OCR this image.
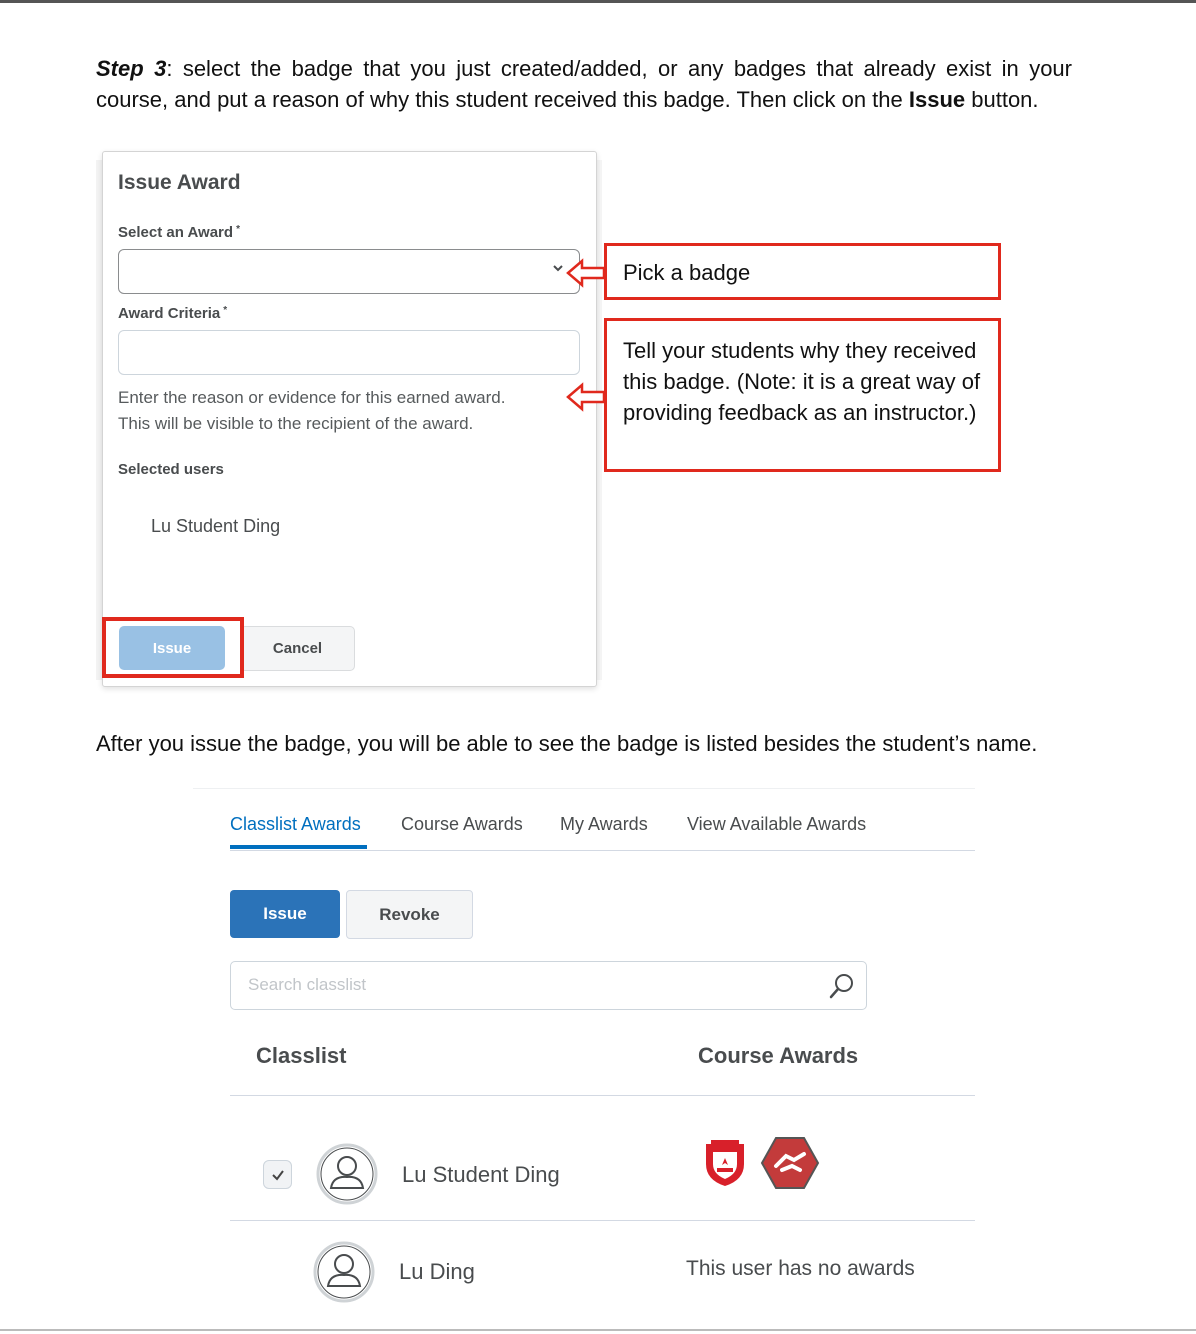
Step 3: select the badge that you just created/added, or any badges that already exist in your course, and put a reason of why this student received this badge. Then click on the Issue button.
Issue Award
Select an Award *
Award Criteria *
Enter the reason or evidence for this earned award.
This will be visible to the recipient of the award.
Selected users
Lu Student Ding
Issue	Cancel
Pick a badge
Tell your students why they received this badge. (Note: it is a great way of providing feedback as an instructor.)
After you issue the badge, you will be able to see the badge is listed besides the student’s name.
Classlist Awards Course Awards My Awards View Available Awards
Issue	Revoke
Search classlist
Classlist	Course Awards
Lu Student Ding
Lu Ding	This user has no awards
